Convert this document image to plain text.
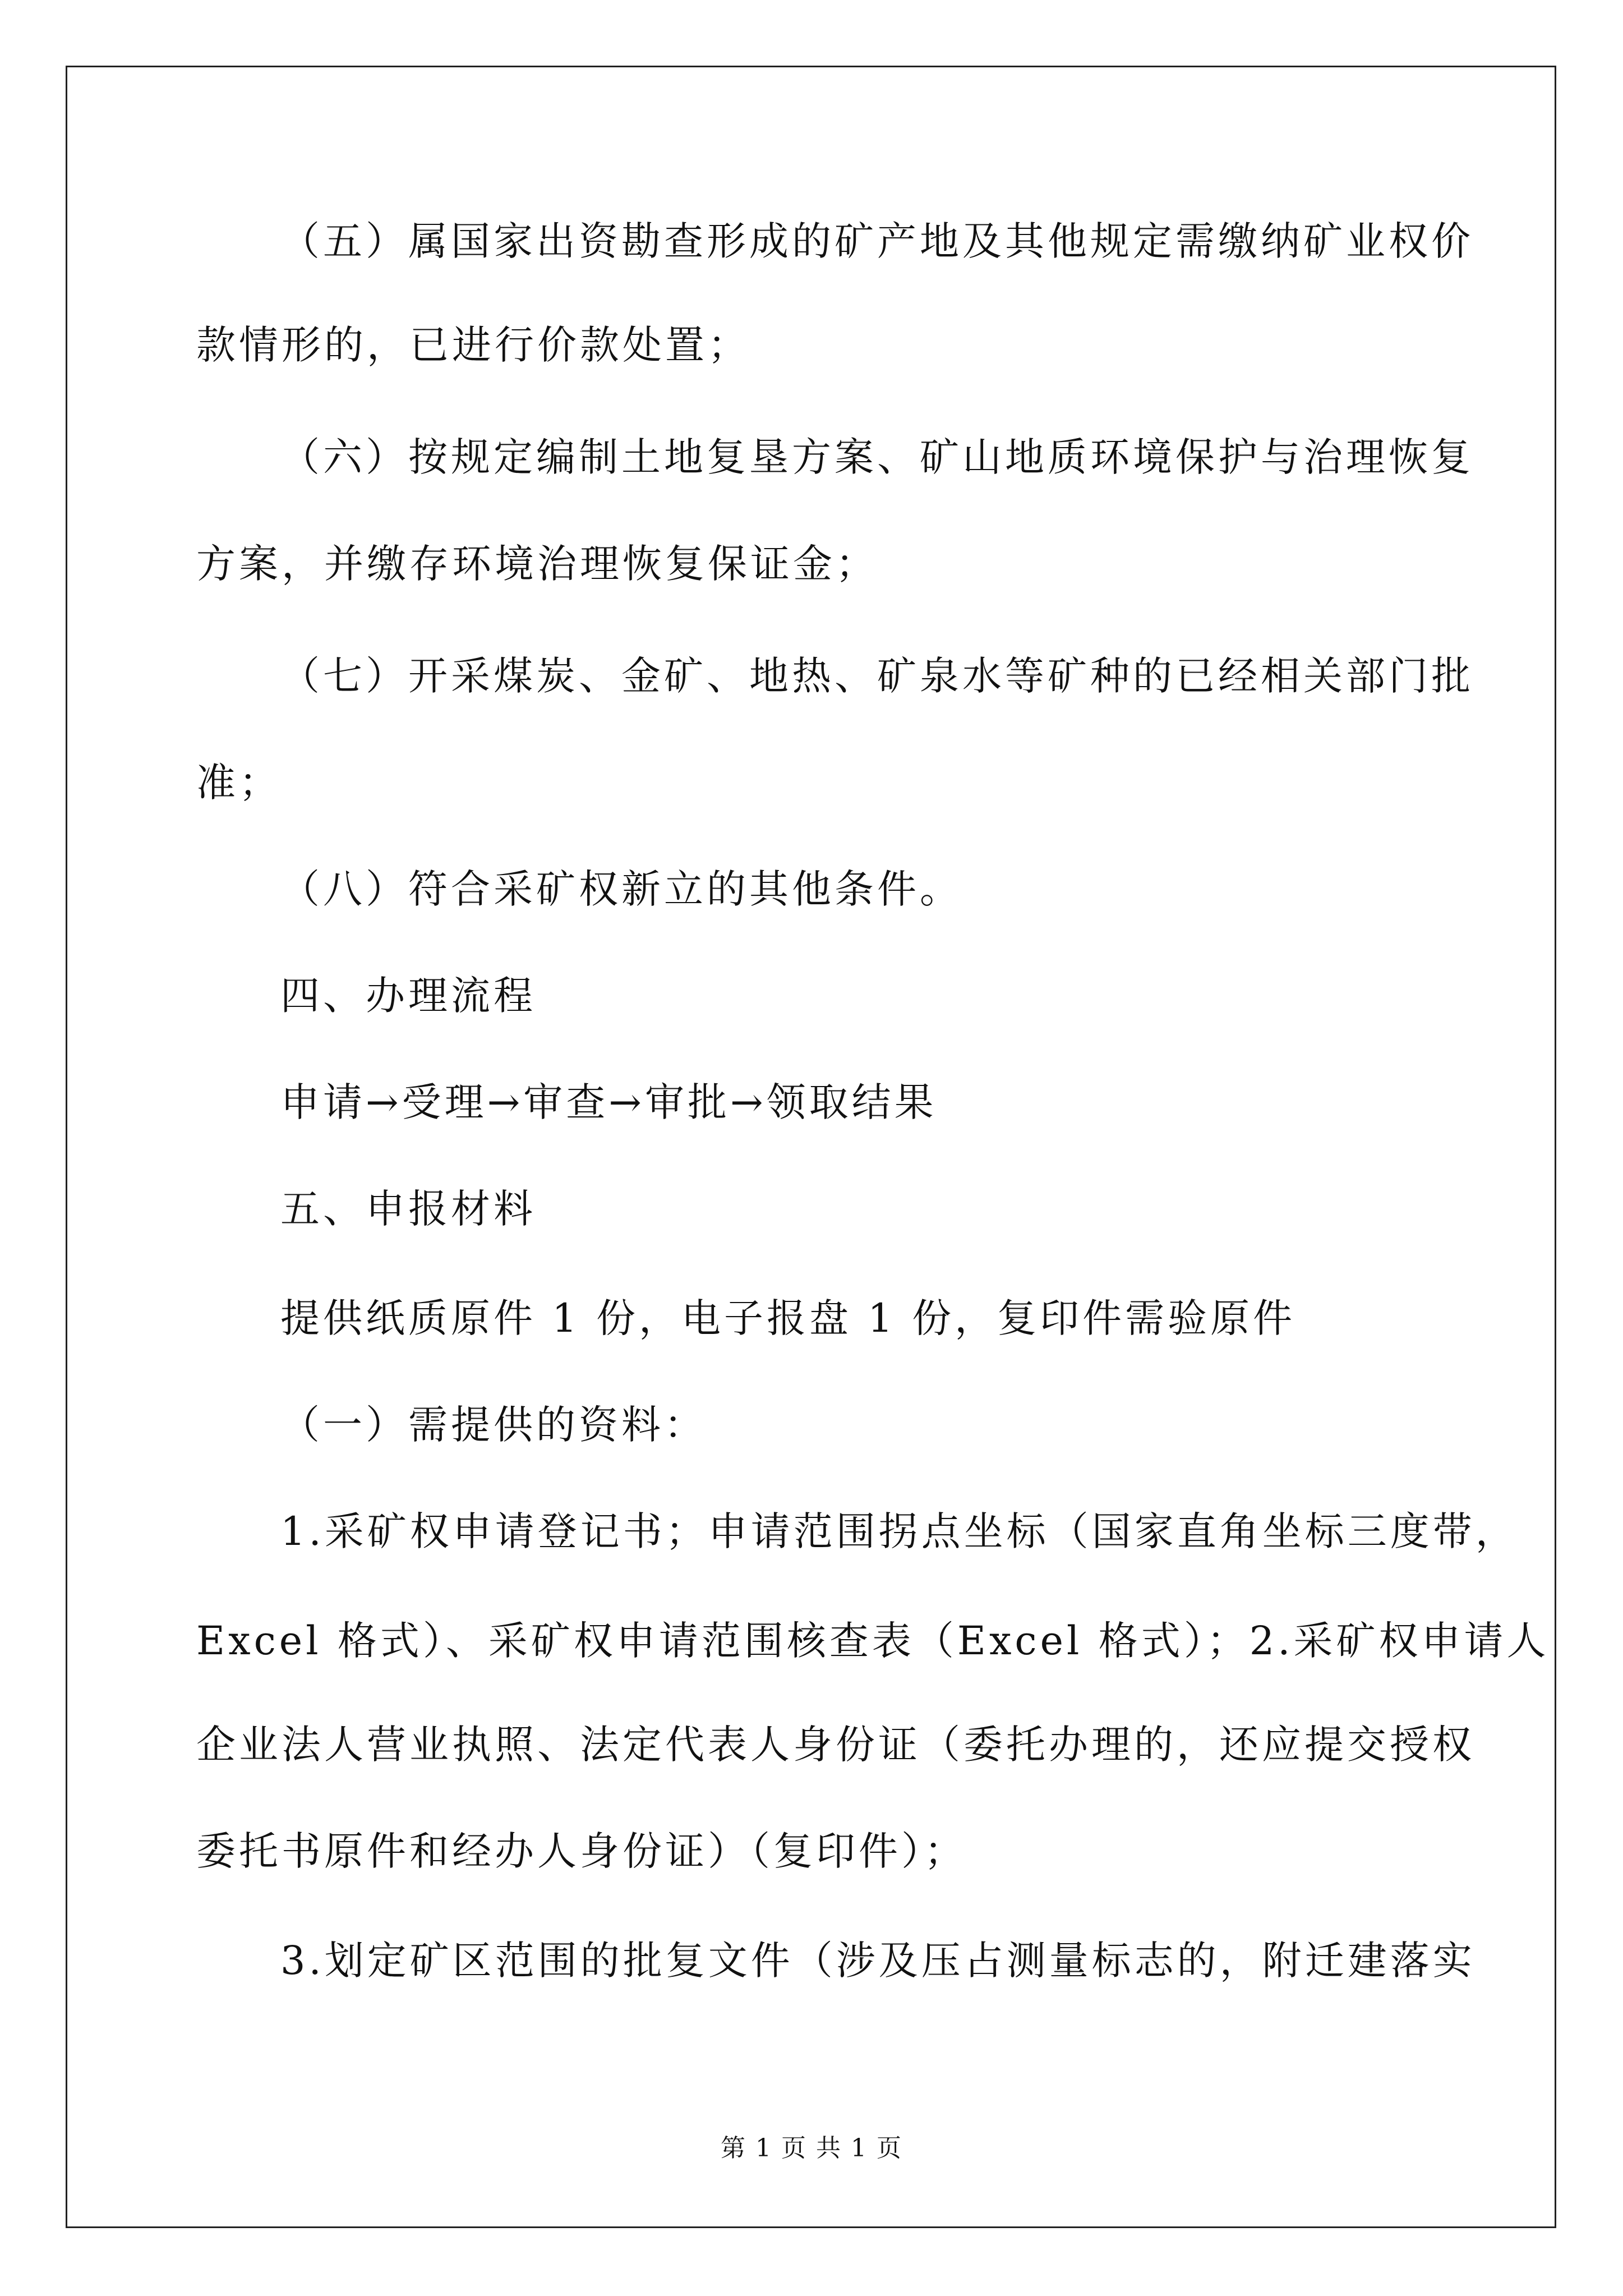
（五）属国家出资勘查形成的矿产地及其他规定需缴纳矿业权价
款情形的，已进行价款处置；
（六）按规定编制土地复垦方案、矿山地质环境保护与治理恢复
方案，并缴存环境治理恢复保证金；
（七）开采煤炭、金矿、地热、矿泉水等矿种的已经相关部门批
准；
（八）符合采矿权新立的其他条件。
四、办理流程
申请→受理→审查→审批→领取结果
五、申报材料
提供纸质原件 1 份，电子报盘 1 份，复印件需验原件
（一）需提供的资料：
1.采矿权申请登记书；申请范围拐点坐标（国家直角坐标三度带，
Excel 格式）、采矿权申请范围核查表（Excel 格式）；2.采矿权申请人
企业法人营业执照、法定代表人身份证（委托办理的，还应提交授权
委托书原件和经办人身份证）（复印件）；
3.划定矿区范围的批复文件（涉及压占测量标志的，附迁建落实
第 1 页 共 1 页
